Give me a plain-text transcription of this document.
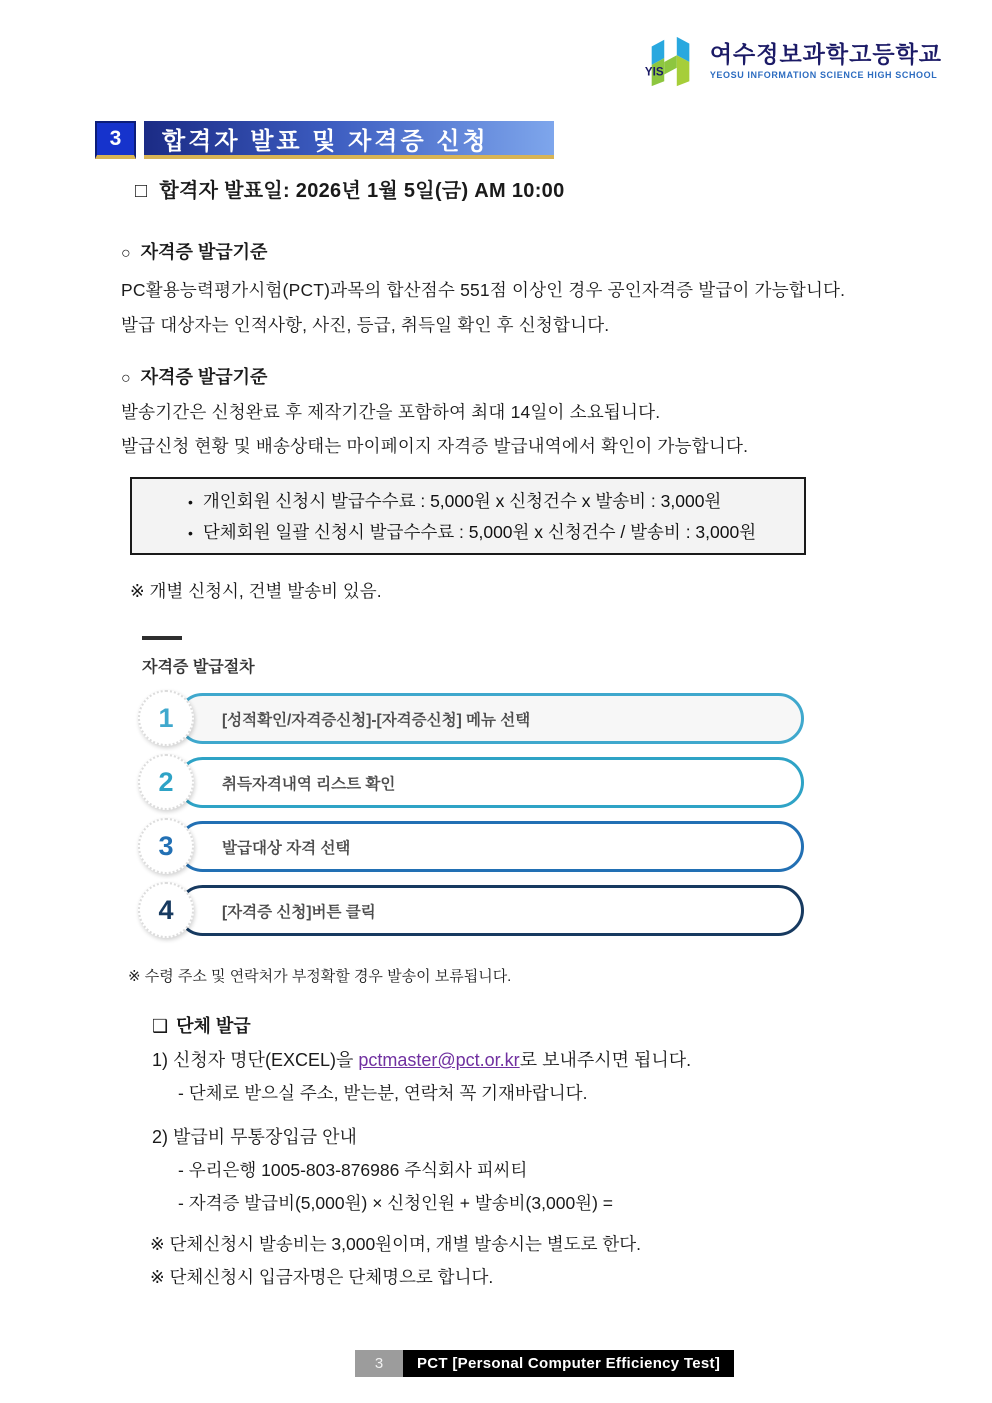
YIS
여수정보과학고등학교
YEOSU INFORMATION SCIENCE HIGH SCHOOL
3	합격자 발표 및 자격증 신청
□ 합격자 발표일: 2026년 1월 5일(금) AM 10:00
○ 자격증 발급기준
PC활용능력평가시험(PCT)과목의 합산점수 551점 이상인 경우 공인자격증 발급이 가능합니다.
발급 대상자는 인적사항, 사진, 등급, 취득일 확인 후 신청합니다.
○ 자격증 발급기준
발송기간은 신청완료 후 제작기간을 포함하여 최대 14일이 소요됩니다.
발급신청 현황 및 배송상태는 마이페이지 자격증 발급내역에서 확인이 가능합니다.
• 개인회원 신청시 발급수수료 : 5,000원 x 신청건수 x 발송비 : 3,000원
• 단체회원 일괄 신청시 발급수수료 : 5,000원 x 신청건수 / 발송비 : 3,000원
※ 개별 신청시, 건별 발송비 있음.
자격증 발급절차
[성적확인/자격증신청]-[자격증신청] 메뉴 선택
1
취득자격내역 리스트 확인
2
발급대상 자격 선택
3
[자격증 신청]버튼 클릭
4
※ 수령 주소 및 연락처가 부정확할 경우 발송이 보류됩니다.
❑ 단체 발급
1) 신청자 명단(EXCEL)을 pctmaster@pct.or.kr로 보내주시면 됩니다.
- 단체로 받으실 주소, 받는분, 연락처 꼭 기재바랍니다.
2) 발급비 무통장입금 안내
- 우리은행 1005-803-876986 주식회사 피씨티
- 자격증 발급비(5,000원) × 신청인원 + 발송비(3,000원) =
※ 단체신청시 발송비는 3,000원이며, 개별 발송시는 별도로 한다.
※ 단체신청시 입금자명은 단체명으로 합니다.
3	PCT [Personal Computer Efficiency Test]
